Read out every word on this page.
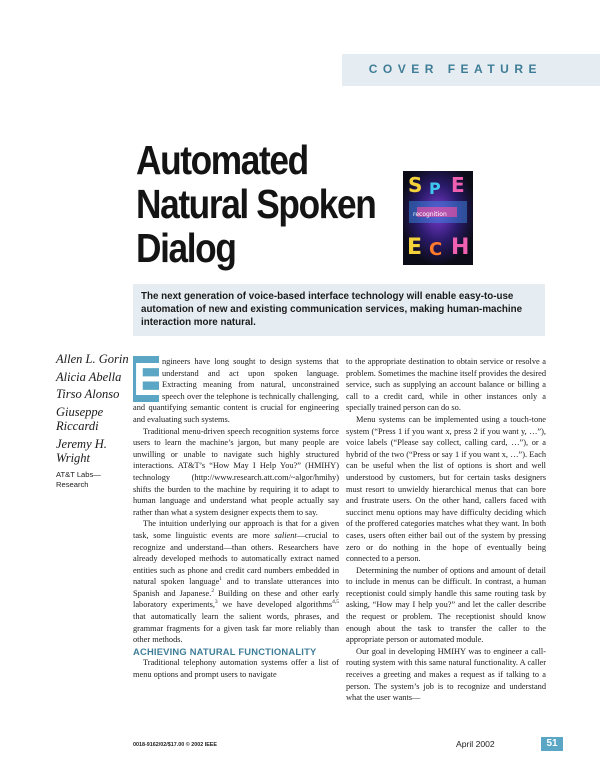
COVER FEATURE
Automated
Natural Spoken
Dialog
S P E
E C H
recognition
The next generation of voice-based interface technology will enable easy-to-use automation of new and existing communication services, making human-machine interaction more natural.
Allen L. Gorin
Alicia Abella
Tirso Alonso
Giuseppe Riccardi
Jeremy H. Wright
AT&T Labs—Research

E
ngineers have long sought to design systems that understand and act upon spoken language. Extracting meaning from natural, unconstrained speech over the telephone is technically challenging, and quantifying semantic content is crucial for engineering and evaluating such systems.

Traditional menu-driven speech recognition systems force users to learn the machine’s jargon, but many people are unwilling or unable to navigate such highly structured interactions. AT&T’s “How May I Help You?” (HMIHY) technology (http://www.research.att.com/~algor/hmihy) shifts the burden to the machine by requiring it to adapt to human language and understand what people actually say rather than what a system designer expects them to say.

The intuition underlying our approach is that for a given task, some linguistic events are more salient—crucial to recognize and understand—than others. Researchers have already developed methods to automatically extract named entities such as phone and credit card numbers embedded in natural spoken language$^1$ and to translate utterances into Spanish and Japanese.$^2$ Building on these and other early laboratory experiments,$^3$ we have developed algorithms$^{4,5}$ that automatically learn the salient words, phrases, and grammar fragments for a given task far more reliably than other methods.

ACHIEVING NATURAL FUNCTIONALITY

Traditional telephony automation systems offer a list of menu options and prompt users to navigate

to the appropriate destination to obtain service or resolve a problem. Sometimes the machine itself provides the desired service, such as supplying an account balance or billing a call to a credit card, while in other instances only a specially trained person can do so.

Menu systems can be implemented using a touch-tone system (“Press 1 if you want x, press 2 if you want y, …”), voice labels (“Please say collect, calling card, …”), or a hybrid of the two (“Press or say 1 if you want x, …”). Each can be useful when the list of options is short and well understood by customers, but for certain tasks designers must resort to unwieldy hierarchical menus that can bore and frustrate users. On the other hand, callers faced with succinct menu options may have difficulty deciding which of the proffered categories matches what they want. In both cases, users often either bail out of the system by pressing zero or do nothing in the hope of eventually being connected to a person.

Determining the number of options and amount of detail to include in menus can be difficult. In contrast, a human receptionist could simply handle this same routing task by asking, “How may I help you?” and let the caller describe the request or problem. The receptionist should know enough about the task to transfer the caller to the appropriate person or automated module.

Our goal in developing HMIHY was to engineer a call-routing system with this same natural functionality. A caller receives a greeting and makes a request as if talking to a person. The system’s job is to recognize and understand what the user wants—

0018-9162/02/$17.00 © 2002 IEEE	April 2002	51
